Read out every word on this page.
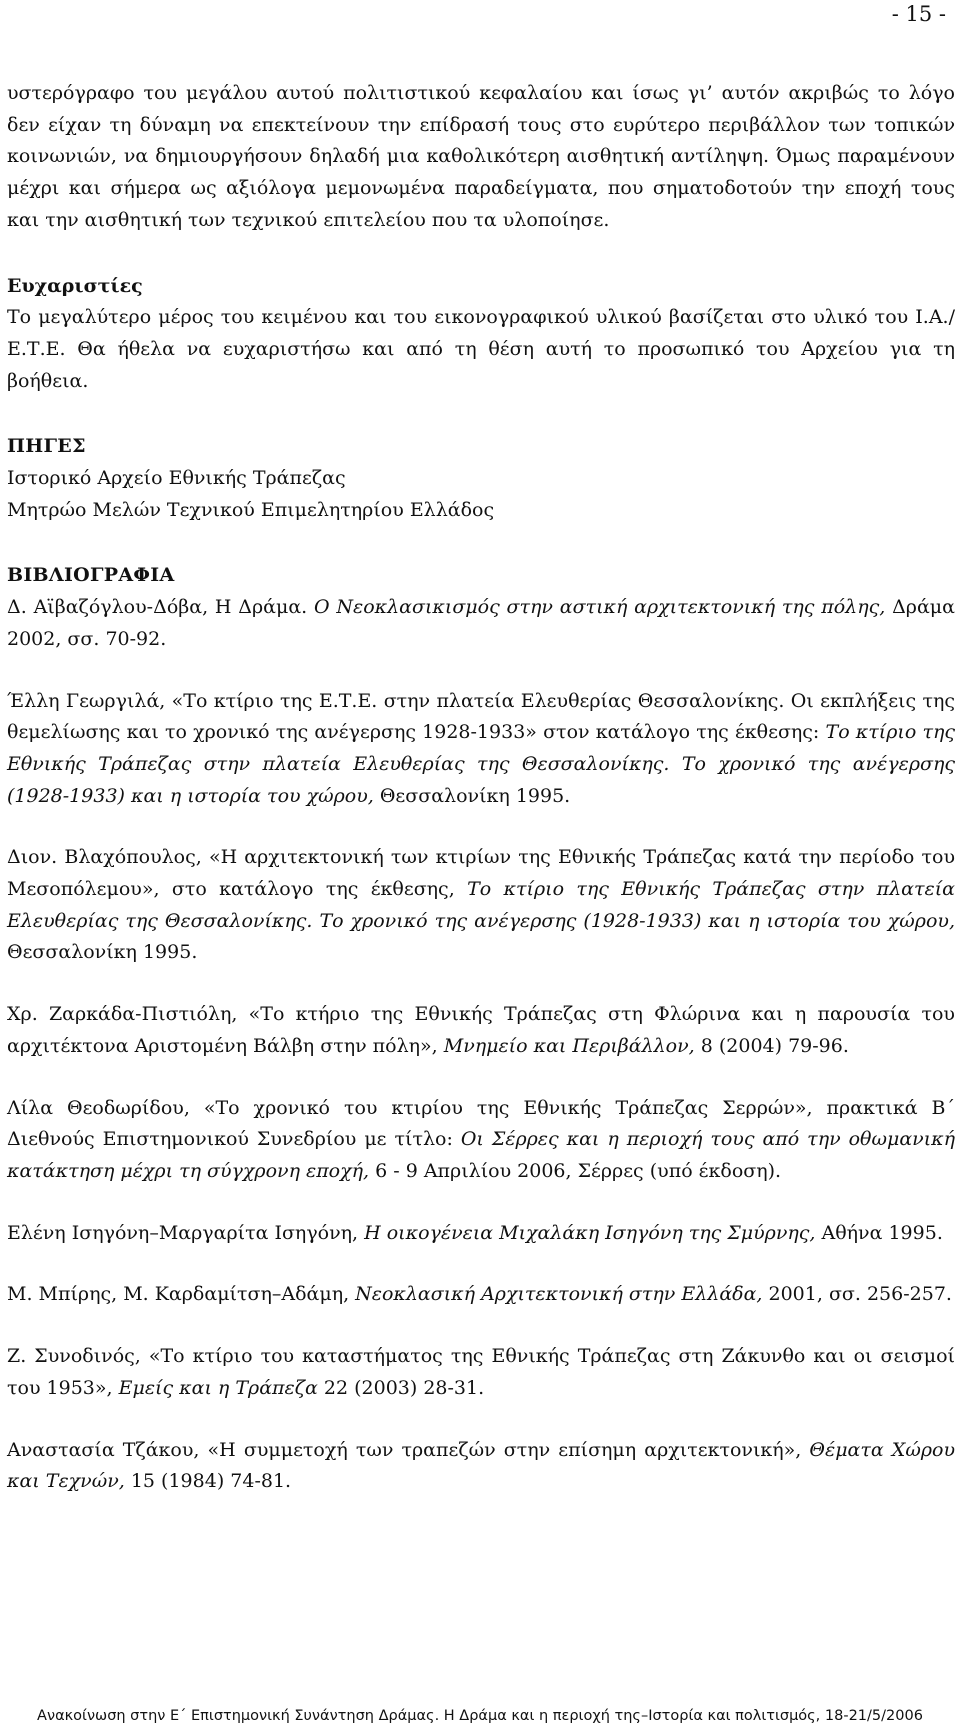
- 15 -

υστερόγραφο του μεγάλου αυτού πολιτιστικού κεφαλαίου και ίσως γι’ αυτόν ακριβώς το λόγο δεν είχαν τη δύναμη να επεκτείνουν την επίδρασή τους στο ευρύτερο περιβάλλον των τοπικών κοινωνιών, να δημιουργήσουν δηλαδή μια καθολικότερη αισθητική αντίληψη. Όμως παραμένουν μέχρι και σήμερα ως αξιόλογα μεμονωμένα παραδείγματα, που σηματοδοτούν την εποχή τους και την αισθητική των τεχνικού επιτελείου που τα υλοποίησε.

Ευχαριστίες

Το μεγαλύτερο μέρος του κειμένου και του εικονογραφικού υλικού βασίζεται στο υλικό του Ι.Α./Ε.Τ.Ε. Θα ήθελα να ευχαριστήσω και από τη θέση αυτή το προσωπικό του Αρχείου για τη βοήθεια.

ΠΗΓΕΣ

Ιστορικό Αρχείο Εθνικής Τράπεζας

Μητρώο Μελών Τεχνικού Επιμελητηρίου Ελλάδος

ΒΙΒΛΙΟΓΡΑΦΙΑ

Δ. Αϊβαζόγλου-Δόβα, Η Δράμα. Ο Νεοκλασικισμός στην αστική αρχιτεκτονική της πόλης, Δράμα 2002, σσ. 70-92.

Έλλη Γεωργιλά, «Το κτίριο της Ε.Τ.Ε. στην πλατεία Ελευθερίας Θεσσαλονίκης. Οι εκπλήξεις της θεμελίωσης και το χρονικό της ανέγερσης 1928-1933» στον κατάλογο της έκθεσης: Το κτίριο της Εθνικής Τράπεζας στην πλατεία Ελευθερίας της Θεσσαλονίκης. Το χρονικό της ανέγερσης (1928-1933) και η ιστορία του χώρου, Θεσσαλονίκη 1995.

Διον. Βλαχόπουλος, «Η αρχιτεκτονική των κτιρίων της Εθνικής Τράπεζας κατά την περίοδο του Μεσοπόλεμου», στο κατάλογο της έκθεσης, Το κτίριο της Εθνικής Τράπεζας στην πλατεία Ελευθερίας της Θεσσαλονίκης. Το χρονικό της ανέγερσης (1928-1933) και η ιστορία του χώρου, Θεσσαλονίκη 1995.

Χρ. Ζαρκάδα-Πιστιόλη, «Το κτήριο της Εθνικής Τράπεζας στη Φλώρινα και η παρουσία του αρχιτέκτονα Αριστομένη Βάλβη στην πόλη», Μνημείο και Περιβάλλον, 8 (2004) 79-96.

Λίλα Θεοδωρίδου, «Το χρονικό του κτιρίου της Εθνικής Τράπεζας Σερρών», πρακτικά Β΄ Διεθνούς Επιστημονικού Συνεδρίου με τίτλο: Οι Σέρρες και η περιοχή τους από την οθωμανική κατάκτηση μέχρι τη σύγχρονη εποχή, 6 - 9 Απριλίου 2006, Σέρρες (υπό έκδοση).

Ελένη Ισηγόνη–Μαργαρίτα Ισηγόνη, Η οικογένεια Μιχαλάκη Ισηγόνη της Σμύρνης, Αθήνα 1995.

Μ. Μπίρης, Μ. Καρδαμίτση–Αδάμη, Νεοκλασική Αρχιτεκτονική στην Ελλάδα, 2001, σσ. 256-257.

Ζ. Συνοδινός, «Το κτίριο του καταστήματος της Εθνικής Τράπεζας στη Ζάκυνθο και οι σεισμοί του 1953», Εμείς και η Τράπεζα 22 (2003) 28-31.

Αναστασία Τζάκου, «Η συμμετοχή των τραπεζών στην επίσημη αρχιτεκτονική», Θέματα Χώρου και Τεχνών, 15 (1984) 74-81.

Ανακοίνωση στην Ε΄ Επιστημονική Συνάντηση Δράμας. Η Δράμα και η περιοχή της–Ιστορία και πολιτισμός, 18-21/5/2006
